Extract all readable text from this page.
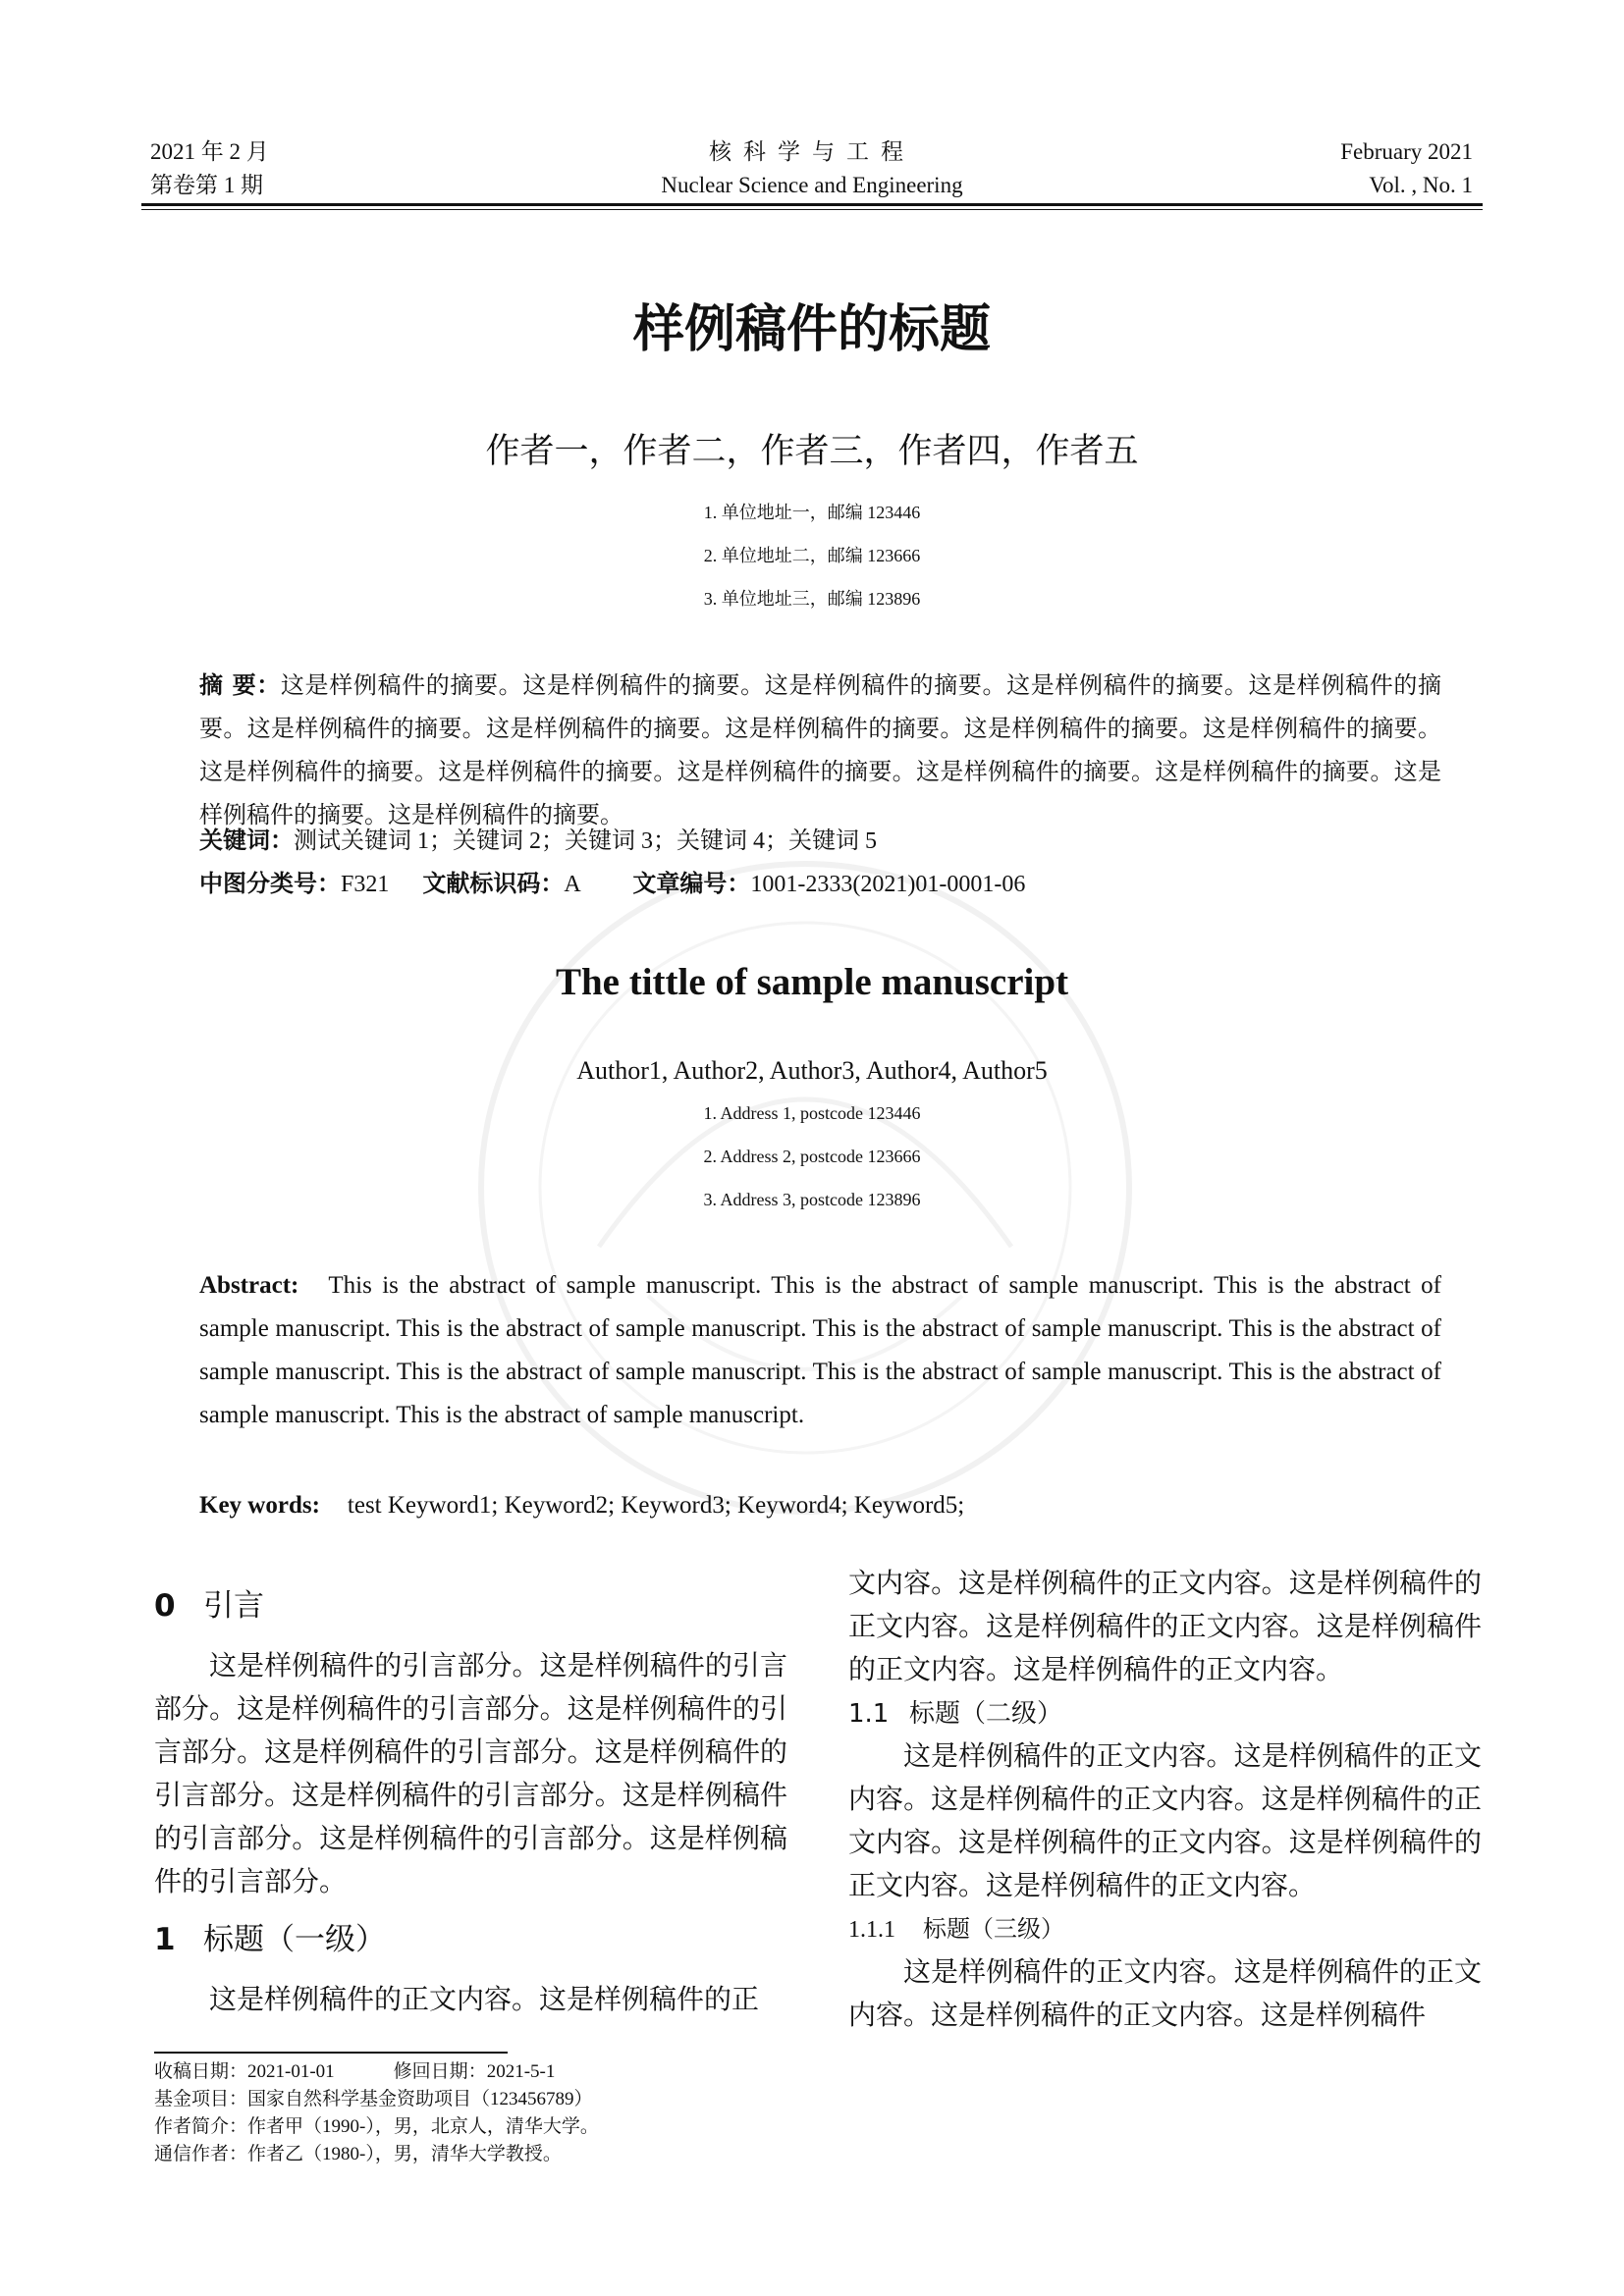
2021 年 2 月
第卷第 1 期
核科学与工程
Nuclear Science and Engineering
February 2021
Vol. , No. 1
样例稿件的标题
作者一，作者二，作者三，作者四，作者五
1. 单位地址一，邮编 123446
2. 单位地址二，邮编 123666
3. 单位地址三，邮编 123896
摘 要：这是样例稿件的摘要。这是样例稿件的摘要。这是样例稿件的摘要。这是样例稿件的摘要。这是样例稿件的摘要。这是样例稿件的摘要。这是样例稿件的摘要。这是样例稿件的摘要。这是样例稿件的摘要。这是样例稿件的摘要。这是样例稿件的摘要。这是样例稿件的摘要。这是样例稿件的摘要。这是样例稿件的摘要。这是样例稿件的摘要。这是样例稿件的摘要。这是样例稿件的摘要。
关键词：测试关键词 1；关键词 2；关键词 3；关键词 4；关键词 5
中图分类号：F321 文献标识码：A 文章编号：1001-2333(2021)01-0001-06
The tittle of sample manuscript
Author1, Author2, Author3, Author4, Author5
1. Address 1, postcode 123446
2. Address 2, postcode 123666
3. Address 3, postcode 123896
Abstract: This is the abstract of sample manuscript. This is the abstract of sample manuscript. This is the abstract of sample manuscript. This is the abstract of sample manuscript. This is the abstract of sample manuscript. This is the abstract of sample manuscript. This is the abstract of sample manuscript. This is the abstract of sample manuscript. This is the abstract of sample manuscript. This is the abstract of sample manuscript.
Key words: test Keyword1; Keyword2; Keyword3; Keyword4; Keyword5;
0 引言

这是样例稿件的引言部分。这是样例稿件的引言部分。这是样例稿件的引言部分。这是样例稿件的引言部分。这是样例稿件的引言部分。这是样例稿件的引言部分。这是样例稿件的引言部分。这是样例稿件的引言部分。这是样例稿件的引言部分。这是样例稿件的引言部分。

1 标题（一级）

这是样例稿件的正文内容。这是样例稿件的正

文内容。这是样例稿件的正文内容。这是样例稿件的正文内容。这是样例稿件的正文内容。这是样例稿件的正文内容。这是样例稿件的正文内容。

1.1 标题（二级）

这是样例稿件的正文内容。这是样例稿件的正文内容。这是样例稿件的正文内容。这是样例稿件的正文内容。这是样例稿件的正文内容。这是样例稿件的正文内容。这是样例稿件的正文内容。

1.1.1 标题（三级）

这是样例稿件的正文内容。这是样例稿件的正文内容。这是样例稿件的正文内容。这是样例稿件

收稿日期：2021-01-01	修回日期：2021-5-1
基金项目：国家自然科学基金资助项目（123456789）
作者简介：作者甲（1990-），男，北京人，清华大学。
通信作者：作者乙（1980-），男，清华大学教授。
